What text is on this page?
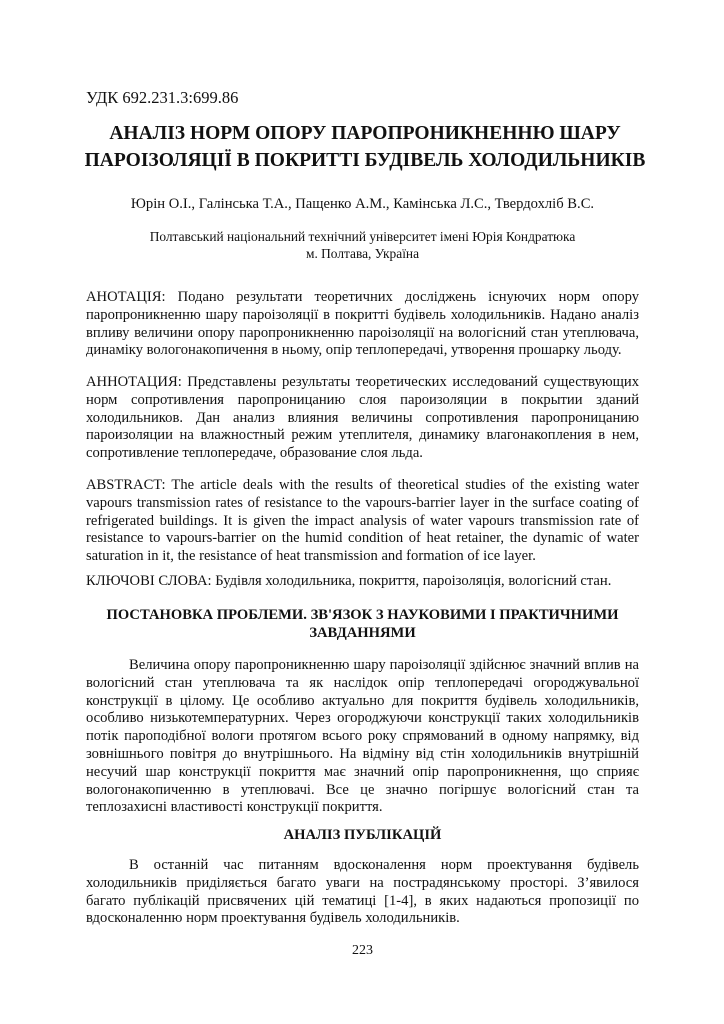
УДК 692.231.3:699.86
АНАЛІЗ НОРМ ОПОРУ ПАРОПРОНИКНЕННЮ ШАРУ
ПАРОІЗОЛЯЦІЇ В ПОКРИТТІ БУДІВЕЛЬ ХОЛОДИЛЬНИКІВ
Юрін О.І., Галінська Т.А., Пащенко А.М., Камінська Л.С., Твердохліб В.С.
Полтавський національний технічний університет імені Юрія Кондратюка
м. Полтава, Україна
АНОТАЦІЯ: Подано результати теоретичних досліджень існуючих норм опору
паропроникненню шару пароізоляції в покритті будівель холодильників. Надано аналіз
впливу величини опору паропроникненню пароізоляції на вологісний стан утеплювача,
динаміку вологонакопичення в ньому, опір теплопередачі, утворення прошарку льоду.
АННОТАЦИЯ: Представлены результаты теоретических исследований существующих
норм сопротивления паропроницанию слоя пароизоляции в покрытии зданий
холодильников. Дан анализ влияния величины сопротивления паропроницанию
пароизоляции на влажностный режим утеплителя, динамику влагонакопления в нем,
сопротивление теплопередаче, образование слоя льда.
ABSTRACT: The article deals with the results of theoretical studies of the existing water
vapours transmission rates of resistance to the vapours-barrier layer in the surface coating of
refrigerated buildings. It is given the impact analysis of water vapours transmission rate of
resistance to vapours-barrier on the humid condition of heat retainer, the dynamic of water
saturation in it, the resistance of heat transmission and formation of ice layer.
КЛЮЧОВІ СЛОВА: Будівля холодильника, покриття, пароізоляція, вологісний стан.
ПОСТАНОВКА ПРОБЛЕМИ. ЗВ'ЯЗОК З НАУКОВИМИ І ПРАКТИЧНИМИ
ЗАВДАННЯМИ
Величина опору паропроникненню шару пароізоляції здійснює значний вплив на
вологісний стан утеплювача та як наслідок опір теплопередачі огороджувальної
конструкції в цілому. Це особливо актуально для покриття будівель холодильників,
особливо низькотемпературних. Через огороджуючи конструкції таких холодильників
потік пароподібної вологи протягом всього року спрямований в одному напрямку, від
зовнішнього повітря до внутрішнього. На відміну від стін холодильників внутрішній
несучий шар конструкції покриття має значний опір паропроникнення, що сприяє
вологонакопиченню в утеплювачі. Все це значно погіршує вологісний стан та
теплозахисні властивості конструкції покриття.
АНАЛІЗ ПУБЛІКАЦІЙ
В останній час питанням вдосконалення норм проектування будівель
холодильників приділяється багато уваги на пострадянському просторі. З’явилося
багато публікацій присвячених цій тематиці [1-4], в яких надаються пропозиції по
вдосконаленню норм проектування будівель холодильників.
223
